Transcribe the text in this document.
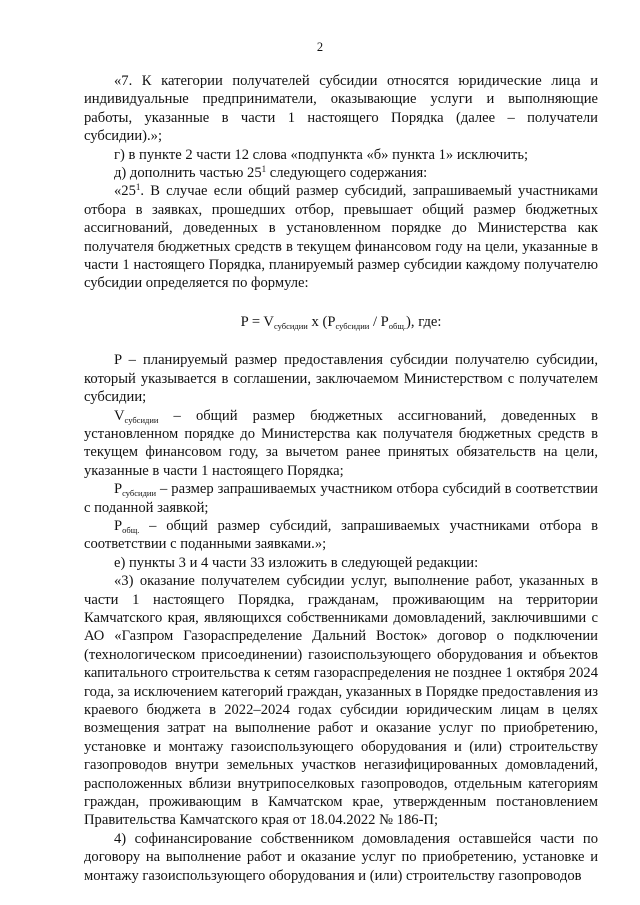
2

«7. К категории получателей субсидии относятся юридические лица и индивидуальные предприниматели, оказывающие услуги и выполняющие работы, указанные в части 1 настоящего Порядка (далее – получатели субсидии).»;

г) в пункте 2 части 12 слова «подпункта «б» пункта 1» исключить;

д) дополнить частью $25^1$ следующего содержания:

«$25^1$. В случае если общий размер субсидий, запрашиваемый участниками отбора в заявках, прошедших отбор, превышает общий размер бюджетных ассигнований, доведенных в установленном порядке до Министерства как получателя бюджетных средств в текущем финансовом году на цели, указанные в части 1 настоящего Порядка, планируемый размер субсидии каждому получателю субсидии определяется по формуле:

$P = V_{субсидии}$ x $(P_{субсидии} / P_{общ.})$, где:

P – планируемый размер предоставления субсидии получателю субсидии, который указывается в соглашении, заключаемом Министерством с получателем субсидии;

$V_{субсидии}$ – общий размер бюджетных ассигнований, доведенных в установленном порядке до Министерства как получателя бюджетных средств в текущем финансовом году, за вычетом ранее принятых обязательств на цели, указанные в части 1 настоящего Порядка;

$P_{субсидии}$ – размер запрашиваемых участником отбора субсидий в соответствии с поданной заявкой;

$P_{общ.}$ – общий размер субсидий, запрашиваемых участниками отбора в соответствии с поданными заявками.»;

е) пункты 3 и 4 части 33 изложить в следующей редакции:

«3) оказание получателем субсидии услуг, выполнение работ, указанных в части 1 настоящего Порядка, гражданам, проживающим на территории Камчатского края, являющихся собственниками домовладений, заключившими с АО «Газпром Газораспределение Дальний Восток» договор о подключении (технологическом присоединении) газоиспользующего оборудования и объектов капитального строительства к сетям газораспределения не позднее 1 октября 2024 года, за исключением категорий граждан, указанных в Порядке предоставления из краевого бюджета в 2022–2024 годах субсидии юридическим лицам в целях возмещения затрат на выполнение работ и оказание услуг по приобретению, установке и монтажу газоиспользующего оборудования и (или) строительству газопроводов внутри земельных участков негазифицированных домовладений, расположенных вблизи внутрипоселковых газопроводов, отдельным категориям граждан, проживающим в Камчатском крае, утвержденным постановлением Правительства Камчатского края от 18.04.2022 № 186-П;

4) софинансирование собственником домовладения оставшейся части по договору на выполнение работ и оказание услуг по приобретению, установке и монтажу газоиспользующего оборудования и (или) строительству газопроводов
